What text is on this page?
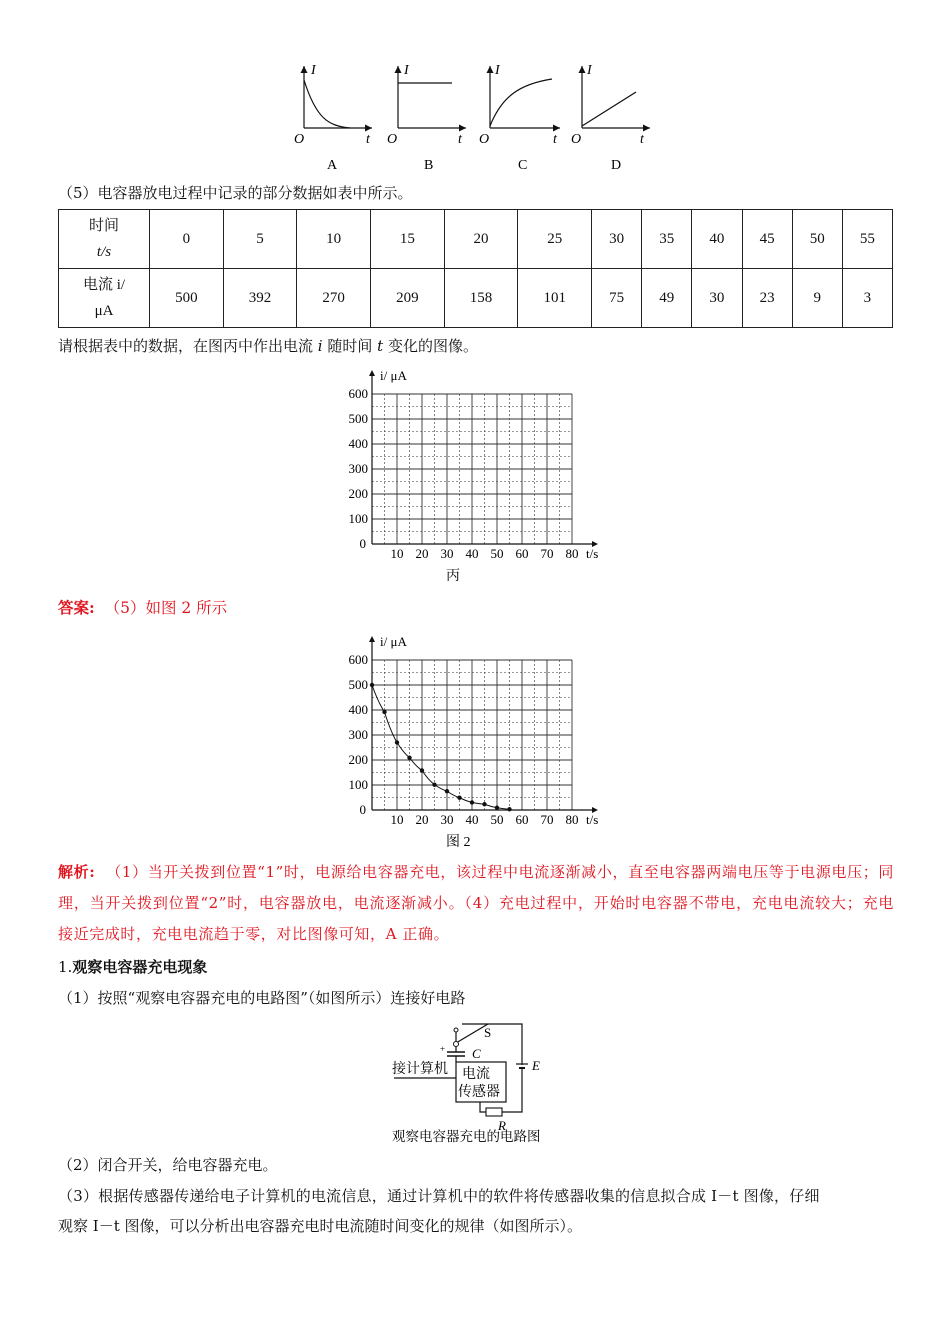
I
t
O
A
I
t
O
B
I
t
O
C
I
t
O
D
（5）电容器放电过程中记录的部分数据如表中所示。
时间
t/s	0	5	10	15	20	25	30	35	40	45	50	55

电流 i/
μA	500	392	270	209	158	101	75	49	30	23	9	3
请根据表中的数据，在图丙中作出电流 i 随时间 t 变化的图像。
10 20 30 40 50 60 70 80
600
500
400
300
200
100
0
i/ μA
t/s
丙
答案: （5）如图 2 所示
10 20 30 40 50 60 70 80
600
500
400
300
200
100
0
i/ μA
t/s
图 2
解析: （1）当开关拨到位置“1”时，电源给电容器充电，该过程中电流逐渐减小，直至电容器两端电压等于电源电压；同理，当开关拨到位置“2”时，电容器放电，电流逐渐减小。（4）充电过程中，开始时电容器不带电，充电电流较大；充电接近完成时，充电电流趋于零，对比图像可知，A 正确。
1.观察电容器充电现象
（1）按照“观察电容器充电的电路图”（如图所示）连接好电路
S
+ C
电流
传感器
接计算机
R
E
观察电容器充电的电路图
（2）闭合开关，给电容器充电。
（3）根据传感器传递给电子计算机的电流信息，通过计算机中的软件将传感器收集的信息拟合成 I－t 图像，仔细
观察 I－t 图像，可以分析出电容器充电时电流随时间变化的规律（如图所示）。
